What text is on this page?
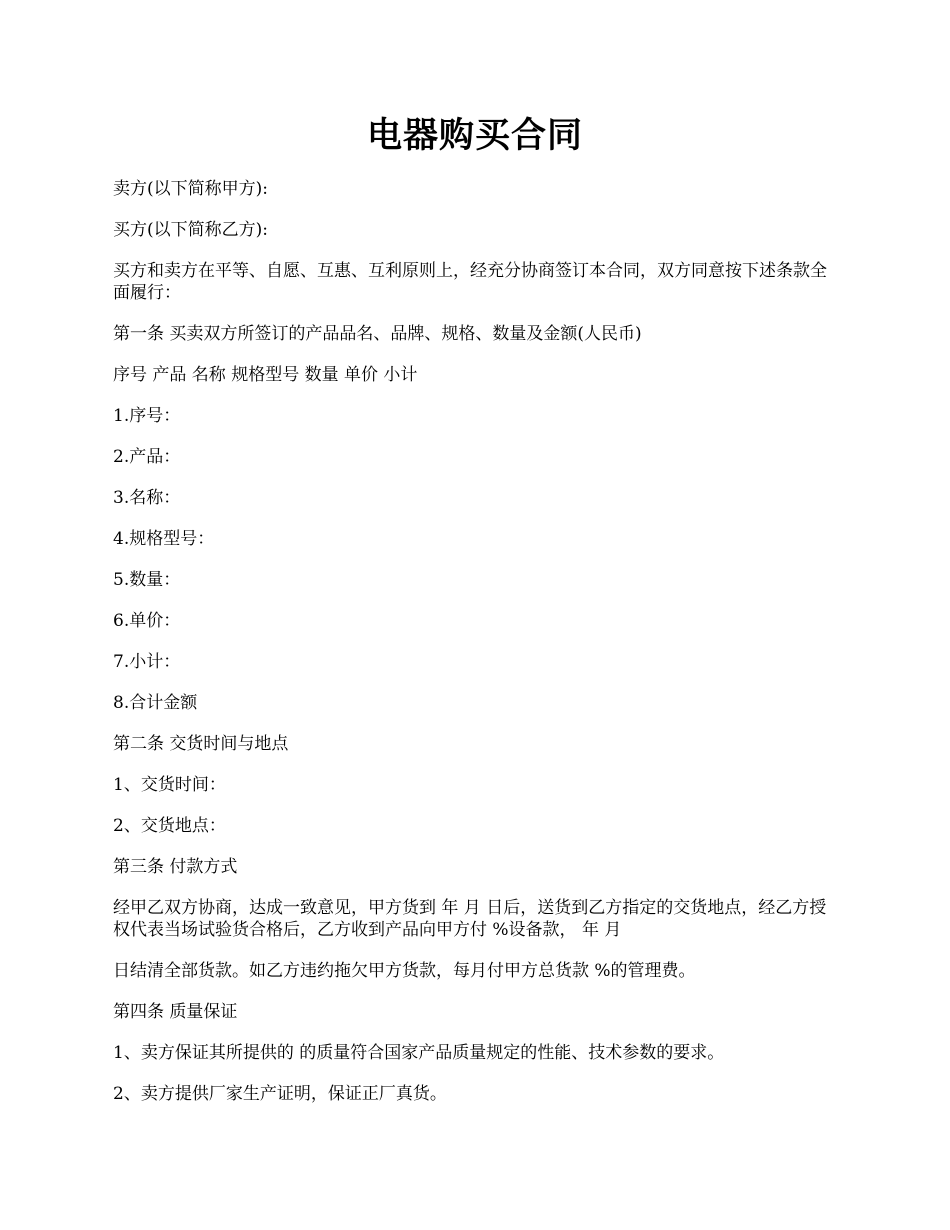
电器购买合同

卖方(以下简称甲方):

买方(以下简称乙方):

买方和卖方在平等、自愿、互惠、互利原则上，经充分协商签订本合同，双方同意按下述条款全面履行：

第一条 买卖双方所签订的产品品名、品牌、规格、数量及金额(人民币)

序号 产品 名称 规格型号 数量 单价 小计

1.序号：

2.产品：

3.名称：

4.规格型号：

5.数量：

6.单价：

7.小计：

8.合计金额

第二条 交货时间与地点

1、交货时间：

2、交货地点：

第三条 付款方式

经甲乙双方协商，达成一致意见，甲方货到 年 月 日后，送货到乙方指定的交货地点，经乙方授权代表当场试验货合格后，乙方收到产品向甲方付 %设备款， 年 月

日结清全部货款。如乙方违约拖欠甲方货款，每月付甲方总货款 %的管理费。

第四条 质量保证

1、卖方保证其所提供的 的质量符合国家产品质量规定的性能、技术参数的要求。

2、卖方提供厂家生产证明，保证正厂真货。
